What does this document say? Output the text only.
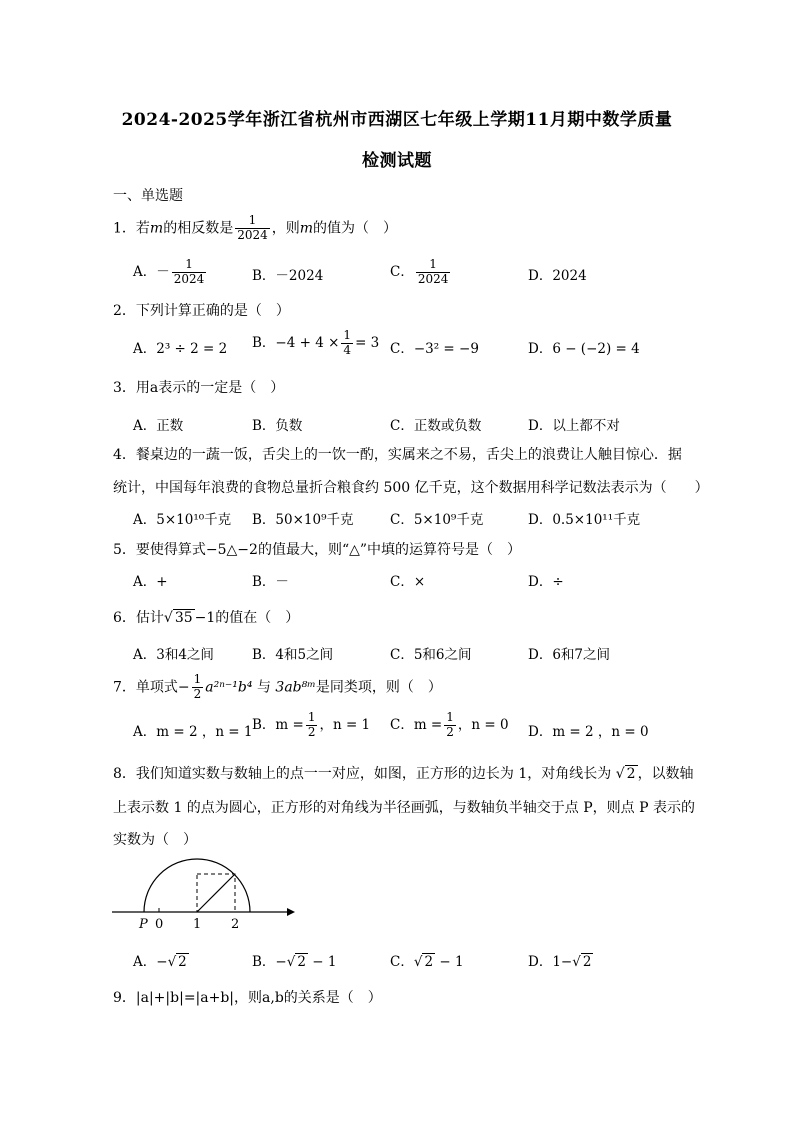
2024-2025学年浙江省杭州市西湖区七年级上学期11月期中数学质量
检测试题
一、单选题
1．若m的相反数是 $\frac{1}{2024}$ ，则m的值为（　）
A．－ $\frac{1}{2024}$	B．－2024	C． $\frac{1}{2024}$	D．2024
2．下列计算正确的是（　）
A．2³ ÷ 2 = 2 B．$-4 + 4 \times \frac{1}{4} = 3$ C．−3² = −9	D．6 − (−2) = 4
3．用a表示的一定是（　）
A．正数	B．负数	C．正数或负数	D．以上都不对
4．餐桌边的一蔬一饭，舌尖上的一饮一酌，实属来之不易，舌尖上的浪费让人触目惊心．据
统计，中国每年浪费的食物总量折合粮食约 500 亿千克，这个数据用科学记数法表示为（　　）
A．5×10¹⁰千克 B．50×10⁹千克	C．5×10⁹千克	D．0.5×10¹¹千克
5．要使得算式−5△−2的值最大，则“△”中填的运算符号是（　）
A．+	B．－	C．×	D．÷
6．估计√ 35 −1的值在（　）
A．3和4之间	B．4和5之间	C．5和6之间	D．6和7之间
7．单项式− $\frac{1}{2} a^{2n-1}b^4$ 与 3ab⁸ᵐ是同类项，则（　）
A．m = 2 ，n = 1 B．$m = \frac{1}{2}$ ，n = 1 C．$m = \frac{1}{2}$ ，n = 0 D．m = 2 ，n = 0
8．我们知道实数与数轴上的点一一对应，如图，正方形的边长为 1，对角线长为 √ 2 ，以数轴
上表示数 1 的点为圆心，正方形的对角线为半径画弧，与数轴负半轴交于点 P，则点 P 表示的
实数为（　）
P 0 1 2
A．−√ 2	B．−√ 2 − 1	C．√ 2 − 1	D．1−√ 2
9．|a|+|b|=|a+b|，则a,b的关系是（　）
